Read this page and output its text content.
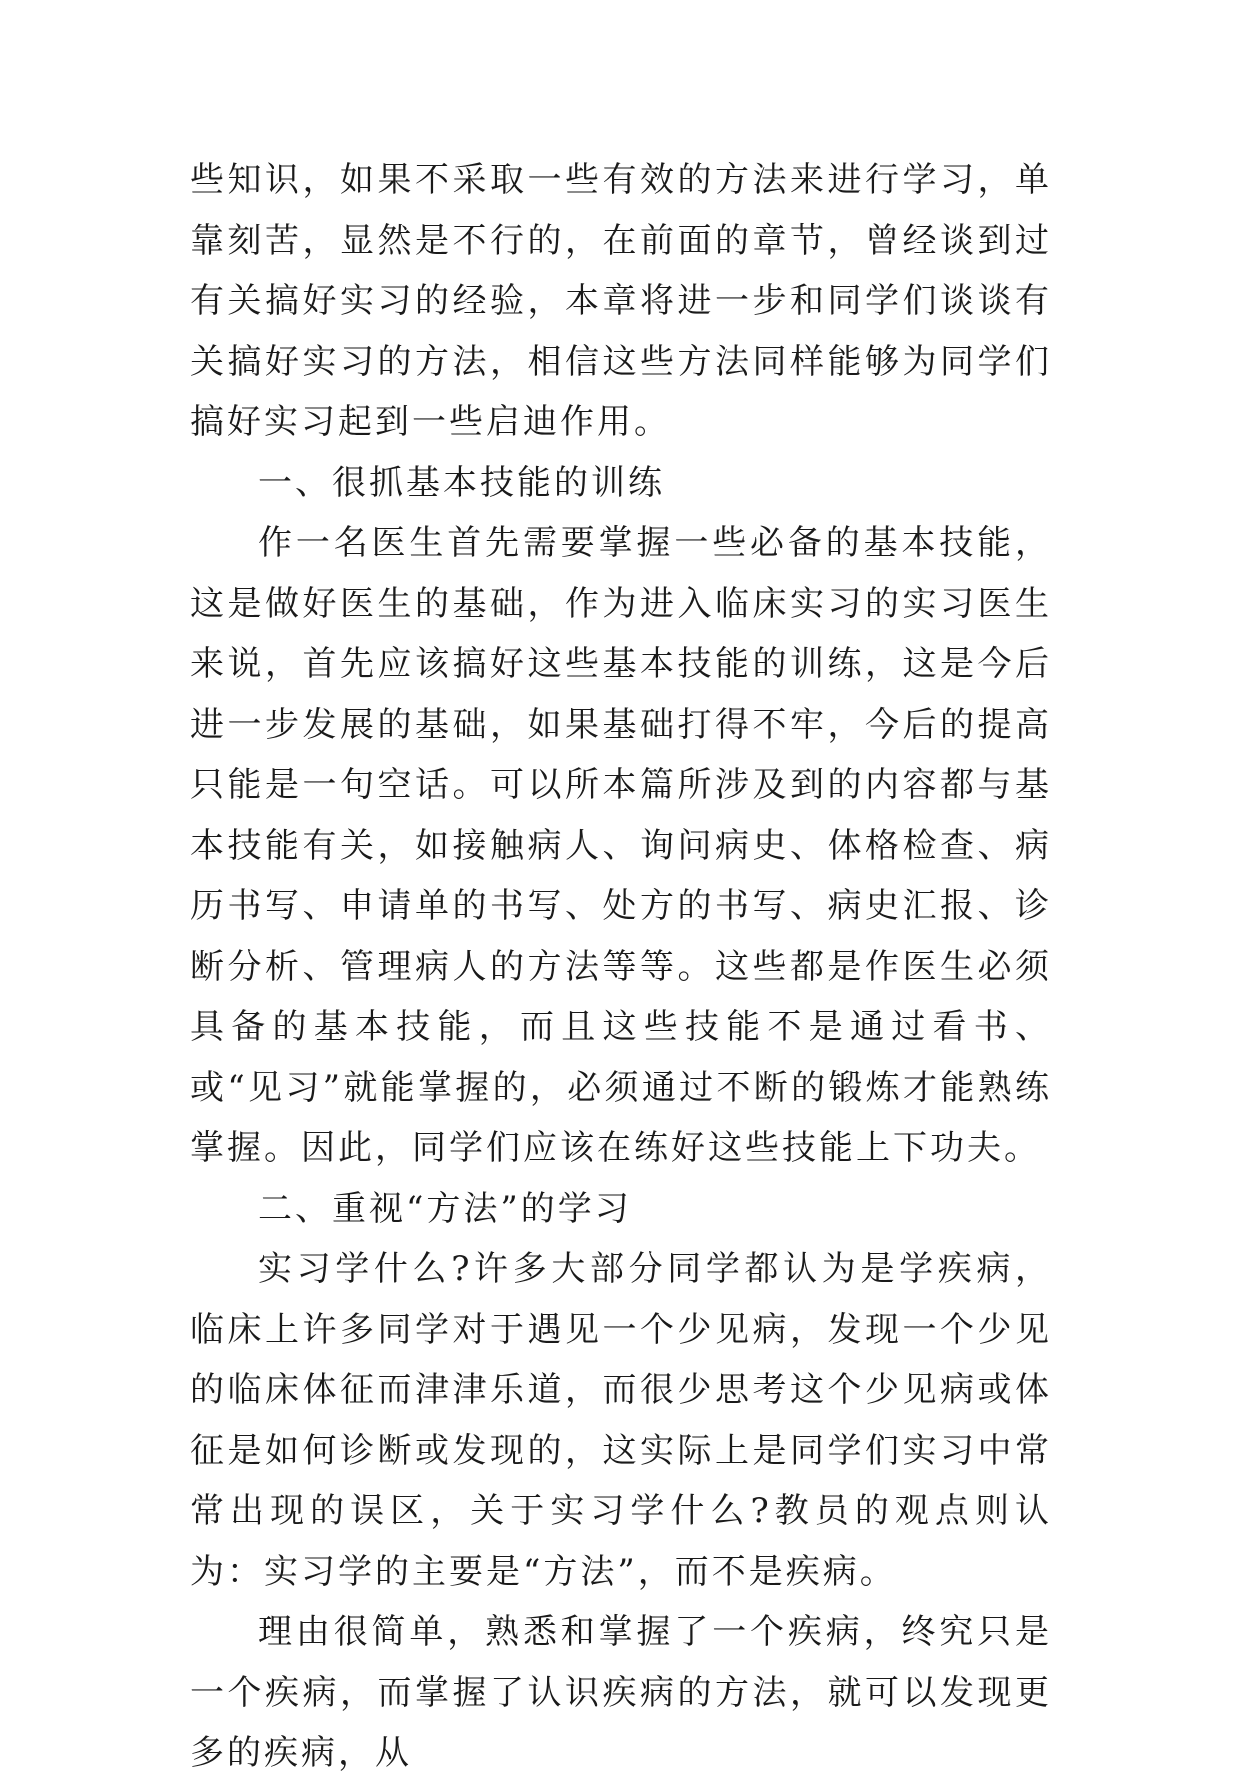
些知识，如果不采取一些有效的方法来进行学习，单靠刻苦，显然是不行的，在前面的章节，曾经谈到过有关搞好实习的经验，本章将进一步和同学们谈谈有关搞好实习的方法，相信这些方法同样能够为同学们搞好实习起到一些启迪作用。

一、很抓基本技能的训练

作一名医生首先需要掌握一些必备的基本技能，这是做好医生的基础，作为进入临床实习的实习医生来说，首先应该搞好这些基本技能的训练，这是今后进一步发展的基础，如果基础打得不牢，今后的提高只能是一句空话。可以所本篇所涉及到的内容都与基本技能有关，如接触病人、询问病史、体格检查、病历书写、申请单的书写、处方的书写、病史汇报、诊断分析、管理病人的方法等等。这些都是作医生必须具备的基本技能，而且这些技能不是通过看书、或“见习”就能掌握的，必须通过不断的锻炼才能熟练掌握。因此，同学们应该在练好这些技能上下功夫。

二、重视“方法”的学习

实习学什么?许多大部分同学都认为是学疾病，临床上许多同学对于遇见一个少见病，发现一个少见的临床体征而津津乐道，而很少思考这个少见病或体征是如何诊断或发现的，这实际上是同学们实习中常常出现的误区，关于实习学什么?教员的观点则认为：实习学的主要是“方法”，而不是疾病。

理由很简单，熟悉和掌握了一个疾病，终究只是一个疾病，而掌握了认识疾病的方法，就可以发现更多的疾病，从
